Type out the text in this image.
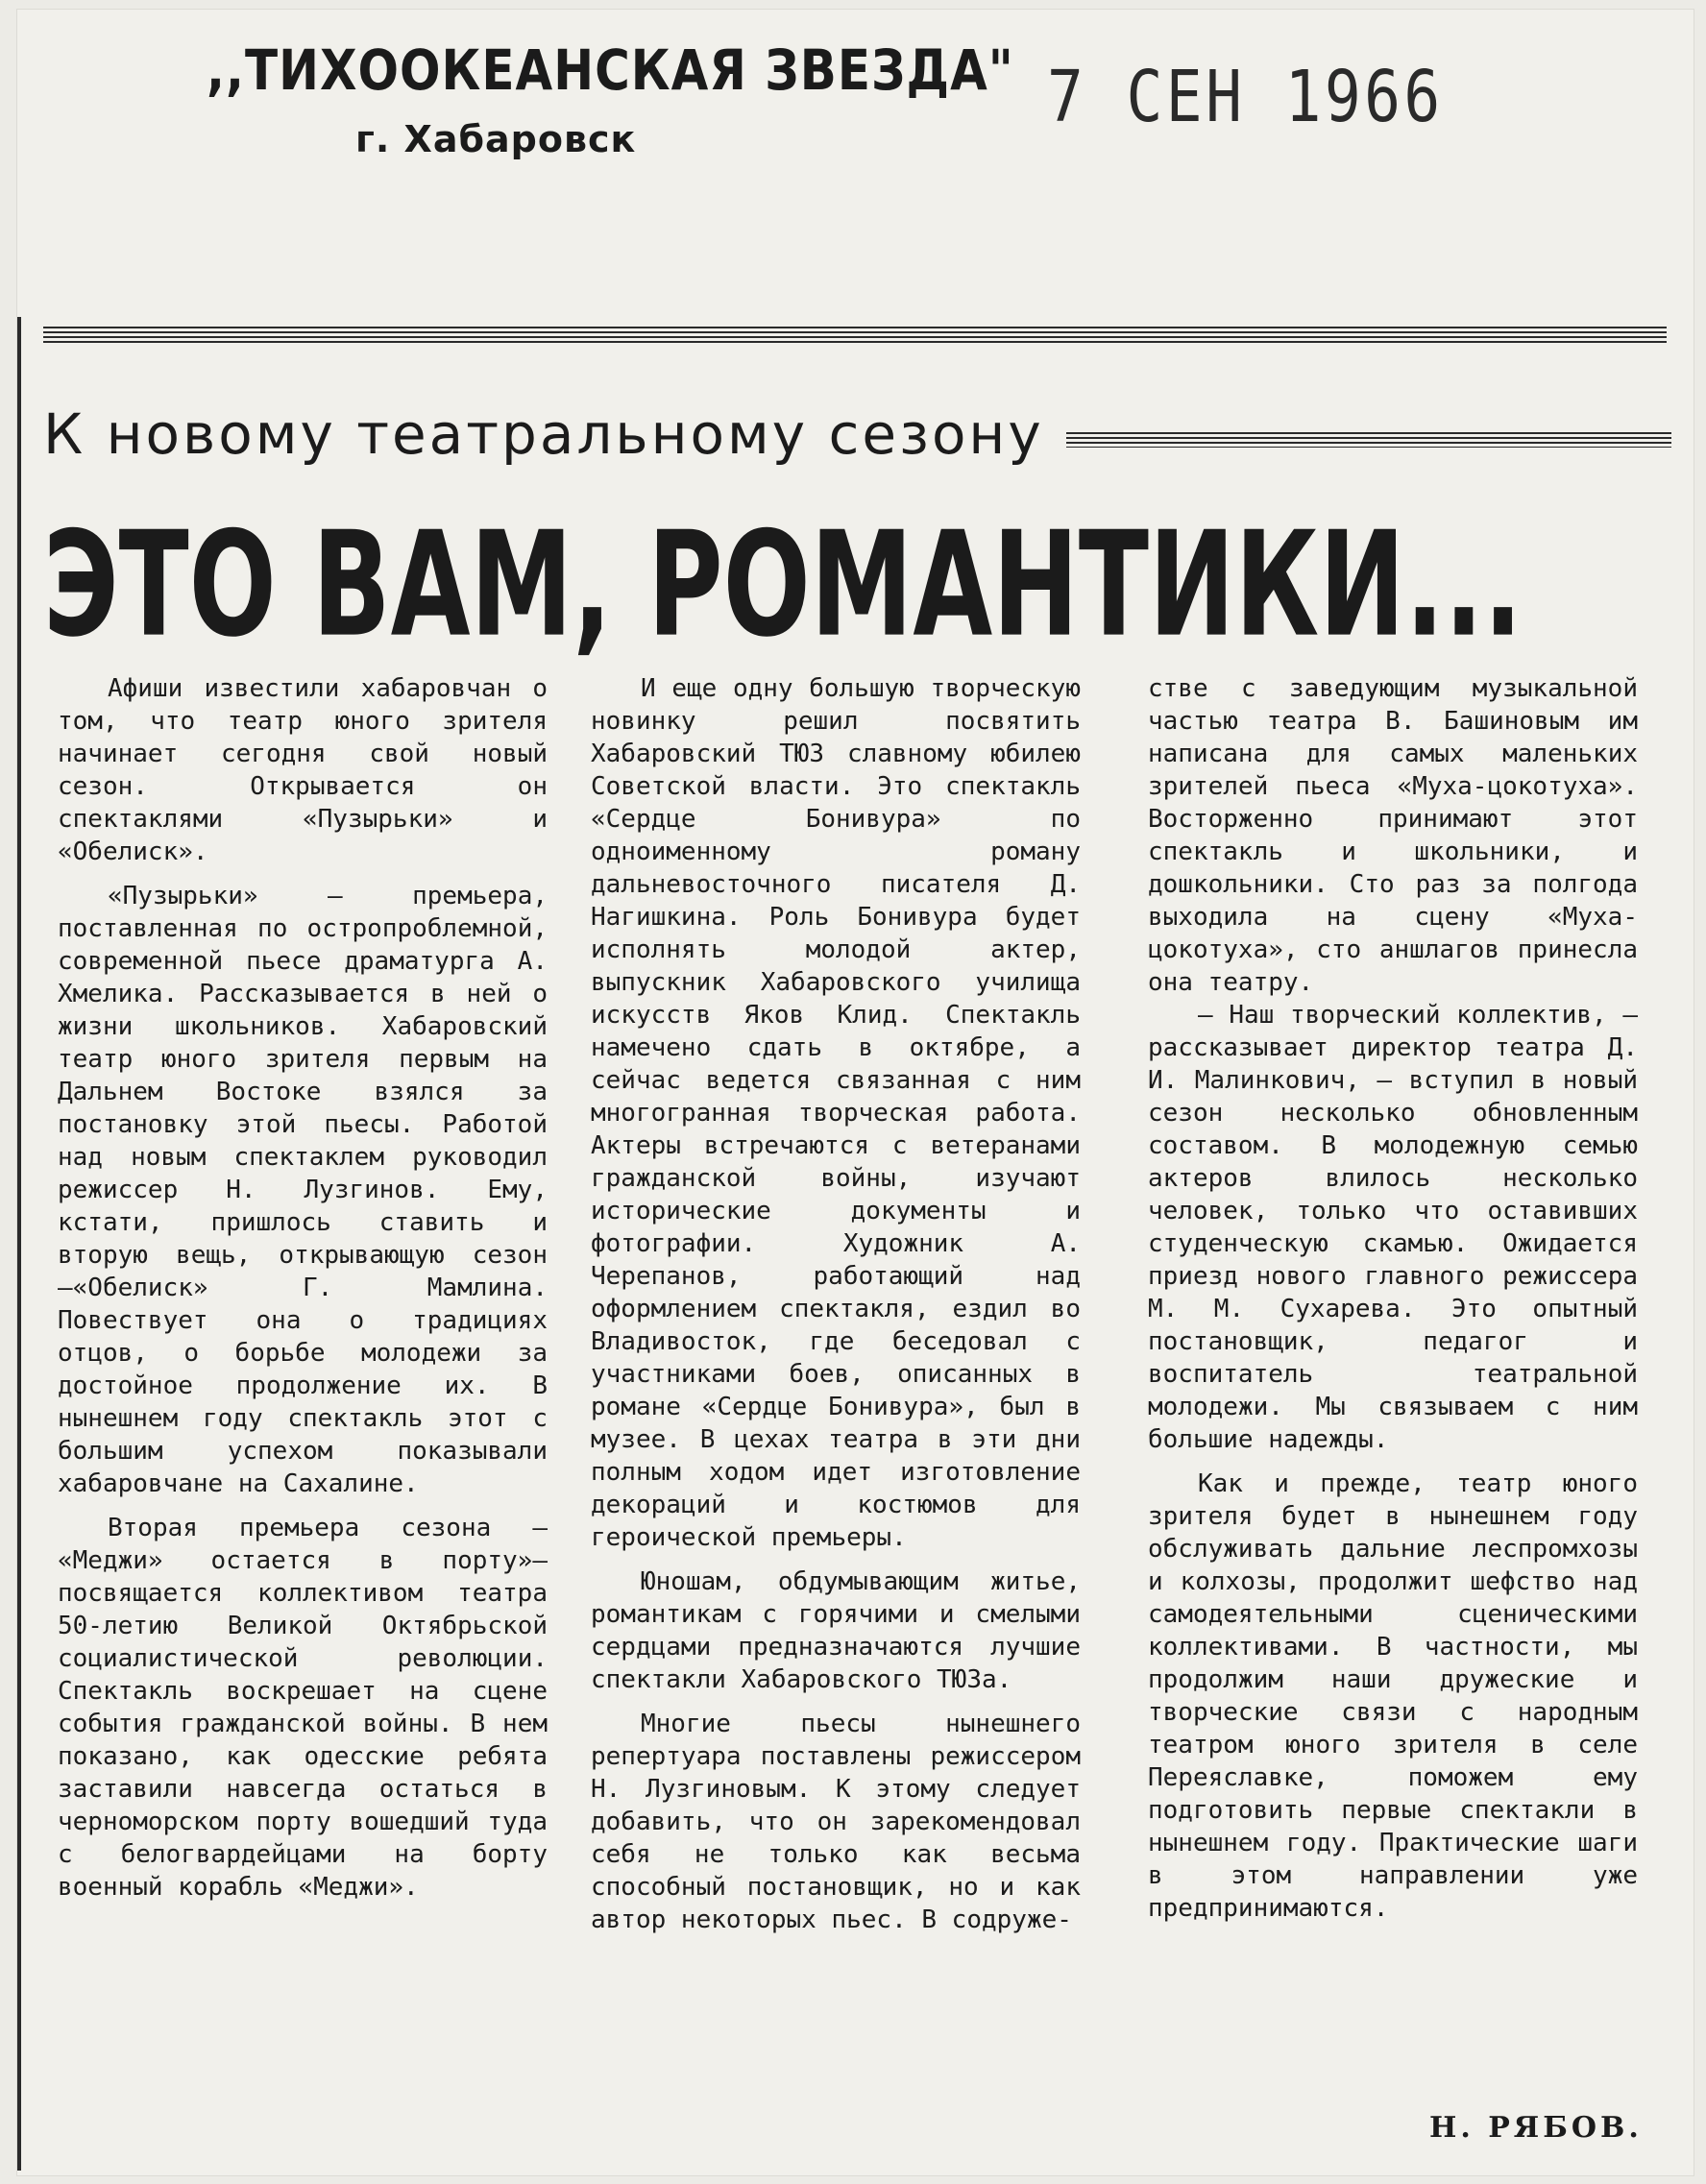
,,ТИХООКЕАНСКАЯ ЗВЕЗДА"
г. Хабаровск
7 СЕН 1966
К новому театральному сезону
ЭТО ВАМ, РОМАНТИКИ...

Афиши известили хабаровчан о том, что театр юного зрителя начинает сегодня свой новый сезон. Открывается он спектаклями «Пузырьки» и «Обелиск».

«Пузырьки» — премьера, поставленная по остропроблемной, современной пьесе драматурга А. Хмелика. Рассказывается в ней о жизни школьников. Хабаровский театр юного зрителя первым на Дальнем Востоке взялся за постановку этой пьесы. Работой над новым спектаклем руководил режиссер Н. Лузгинов. Ему, кстати, пришлось ставить и вторую вещь, открывающую сезон—«Обелиск» Г. Мамлина. Повествует она о традициях отцов, о борьбе молодежи за достойное продолжение их. В нынешнем году спектакль этот с большим успехом показывали хабаровчане на Сахалине.

Вторая премьера сезона — «Меджи» остается в порту»— посвящается коллективом театра 50-летию Великой Октябрьской социалистической революции. Спектакль воскрешает на сцене события гражданской войны. В нем показано, как одесские ребята заставили навсегда остаться в черноморском порту вошедший туда с белогвардейцами на борту военный корабль «Меджи».

И еще одну большую творческую новинку решил посвятить Хабаровский ТЮЗ славному юбилею Советской власти. Это спектакль «Сердце Бонивура» по одноименному роману дальневосточного писателя Д. Нагишкина. Роль Бонивура будет исполнять молодой актер, выпускник Хабаровского училища искусств Яков Клид. Спектакль намечено сдать в октябре, а сейчас ведется связанная с ним многогранная творческая работа. Актеры встречаются с ветеранами гражданской войны, изучают исторические документы и фотографии. Художник А. Черепанов, работающий над оформлением спектакля, ездил во Владивосток, где беседовал с участниками боев, описанных в романе «Сердце Бонивура», был в музее. В цехах театра в эти дни полным ходом идет изготовление декораций и костюмов для героической премьеры.

Юношам, обдумывающим житье, романтикам с горячими и смелыми сердцами предназначаются лучшие спектакли Хабаровского ТЮЗа.

Многие пьесы нынешнего репертуара поставлены режиссером Н. Лузгиновым. К этому следует добавить, что он зарекомендовал себя не только как весьма способный постановщик, но и как автор некоторых пьес. В содруже-

стве с заведующим музыкальной частью театра В. Башиновым им написана для самых маленьких зрителей пьеса «Муха-цокотуха». Восторженно принимают этот спектакль и школьники, и дошкольники. Сто раз за полгода выходила на сцену «Муха-цокотуха», сто аншлагов принесла она театру.

— Наш творческий коллектив, — рассказывает директор театра Д. И. Малинкович, — вступил в новый сезон несколько обновленным составом. В молодежную семью актеров влилось несколько человек, только что оставивших студенческую скамью. Ожидается приезд нового главного режиссера М. М. Сухарева. Это опытный постановщик, педагог и воспитатель театральной молодежи. Мы связываем с ним большие надежды.

Как и прежде, театр юного зрителя будет в нынешнем году обслуживать дальние леспромхозы и колхозы, продолжит шефство над самодеятельными сценическими коллективами. В частности, мы продолжим наши дружеские и творческие связи с народным театром юного зрителя в селе Переяславке, поможем ему подготовить первые спектакли в нынешнем году. Практические шаги в этом направлении уже предпринимаются.

Н. РЯБОВ.
